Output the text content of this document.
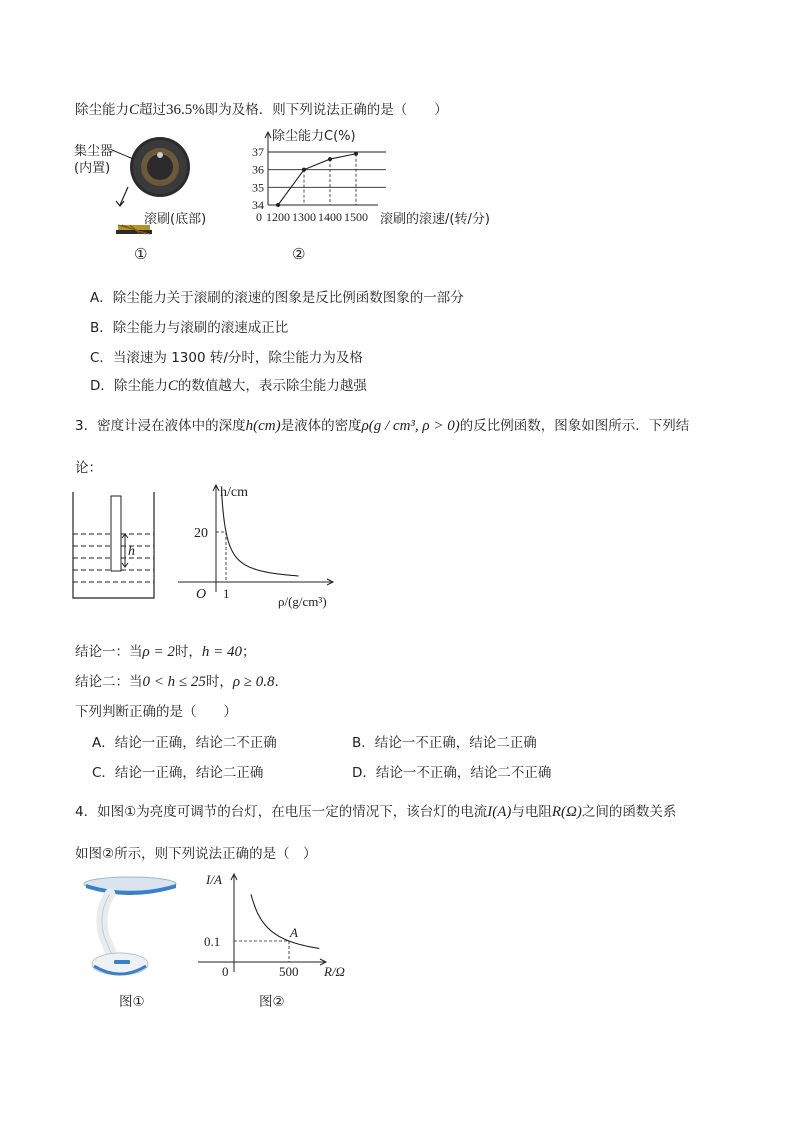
除尘能力C超过36.5%即为及格．则下列说法正确的是（　　）
集尘器
(内置)
滚刷(底部)
①
34
35
36
37
0 1200 1300 1400 1500
除尘能力C(%)
滚刷的滚速/(转/分)
②
A．除尘能力关于滚刷的滚速的图象是反比例函数图象的一部分
B．除尘能力与滚刷的滚速成正比
C．当滚速为 1300 转/分时，除尘能力为及格
D．除尘能力C的数值越大，表示除尘能力越强
3．密度计浸在液体中的深度h(cm)是液体的密度ρ(g / cm³, ρ > 0)的反比例函数，图象如图所示．下列结
论：
h
20
1
O
h/cm
ρ/(g/cm³)
结论一：当ρ = 2时，h = 40；
结论二：当0 < h ≤ 25时，ρ ≥ 0.8.
下列判断正确的是（　　）
A．结论一正确，结论二不正确	B．结论一不正确，结论二正确
C．结论一正确，结论二正确	D．结论一不正确，结论二不正确
4．如图①为亮度可调节的台灯，在电压一定的情况下，该台灯的电流I(A)与电阻R(Ω)之间的函数关系
如图②所示，则下列说法正确的是（　）
图①
A
0.1
500
0
I/A
R/Ω
图②
